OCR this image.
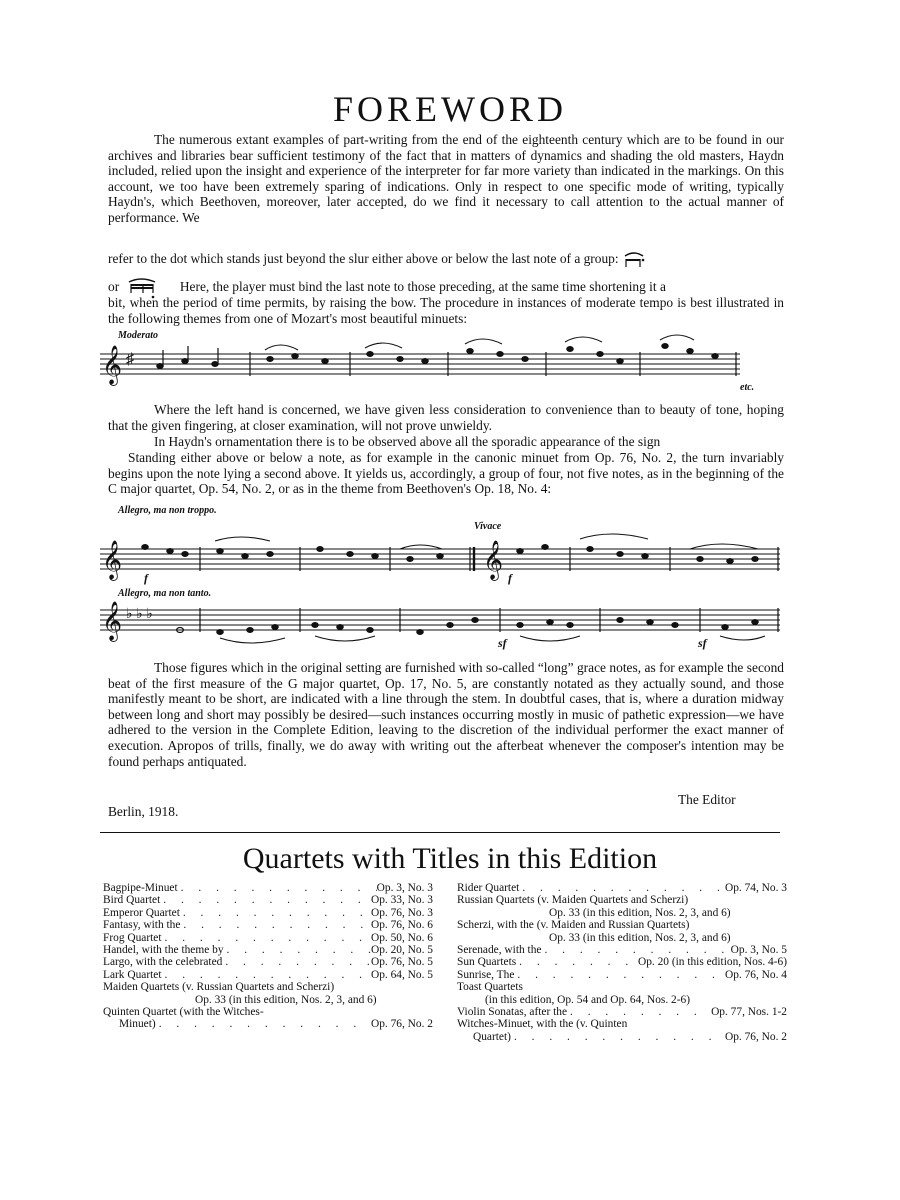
FOREWORD

The numerous extant examples of part-writing from the end of the eighteenth century which are to be found in our archives and libraries bear sufficient testimony of the fact that in matters of dynamics and shading the old masters, Haydn included, relied upon the insight and experience of the interpreter for far more variety than indicated in the markings. On this account, we too have been extremely sparing of indications. Only in respect to one specific mode of writing, typically Haydn's, which Beethoven, moreover, later accepted, do we find it necessary to call attention to the actual manner of performance. We

refer to the dot which stands just beyond the slur either above or below the last note of a group:

or	Here, the player must bind the last note to those preceding, at the same time shortening it a

bit, when the period of time permits, by raising the bow. The procedure in instances of moderate tempo is best illustrated in the following themes from one of Mozart's most beautiful minuets:

Moderato
𝄞 ♯
etc.

Where the left hand is concerned, we have given less consideration to convenience than to beauty of tone, hoping that the given fingering, at closer examination, will not prove unwieldy.

In Haydn's ornamentation there is to be observed above all the sporadic appearance of the sign

Standing either above or below a note, as for example in the canonic minuet from Op. 76, No. 2, the turn invariably begins upon the note lying a second above. It yields us, accordingly, a group of four, not five notes, as in the beginning of the C major quartet, Op. 54, No. 2, or as in the theme from Beethoven's Op. 18, No. 4:

Allegro, ma non troppo.
Vivace
𝄞	𝄞
f	f
Allegro, ma non tanto.
𝄞 ♭ ♭ ♭
sf	sf

Those figures which in the original setting are furnished with so-called “long” grace notes, as for example the second beat of the first measure of the G major quartet, Op. 17, No. 5, are constantly notated as they actually sound, and those manifestly meant to be short, are indicated with a line through the stem. In doubtful cases, that is, where a duration midway between long and short may possibly be desired—such instances occurring mostly in music of pathetic expression—we have adhered to the version in the Complete Edition, leaving to the discretion of the individual performer the exact manner of execution. Apropos of trills, finally, we do away with writing out the afterbeat whenever the composer's intention may be found perhaps antiquated.

Berlin, 1918.
The Editor
Quartets with Titles in this Edition
Bagpipe-Minuet . . .	Op. 3, No. 3
Bird Quartet . . .	Op. 33, No. 3
Emperor Quartet . . .	Op. 76, No. 3
Fantasy, with the . . .	Op. 76, No. 6
Frog Quartet . . .	Op. 50, No. 6
Handel, with the theme by . . .	Op. 20, No. 5
Largo, with the celebrated . . .	Op. 76, No. 5
Lark Quartet . . .	Op. 64, No. 5
Maiden Quartets (v. Russian Quartets and Scherzi)
Op. 33 (in this edition, Nos. 2, 3, and 6)
Quinten Quartet (with the Witches-
Minuet) . . .	Op. 76, No. 2
Rider Quartet . . .	Op. 74, No. 3
Russian Quartets (v. Maiden Quartets and Scherzi)
Op. 33 (in this edition, Nos. 2, 3, and 6)
Scherzi, with the (v. Maiden and Russian Quartets)
Op. 33 (in this edition, Nos. 2, 3, and 6)
Serenade, with the . . .	Op. 3, No. 5
Sun Quartets . . .	Op. 20 (in this edition, Nos. 4-6)
Sunrise, The . . .	Op. 76, No. 4
Toast Quartets
(in this edition, Op. 54 and Op. 64, Nos. 2-6)
Violin Sonatas, after the . . .	Op. 77, Nos. 1-2
Witches-Minuet, with the (v. Quinten
Quartet) . . .	Op. 76, No. 2
